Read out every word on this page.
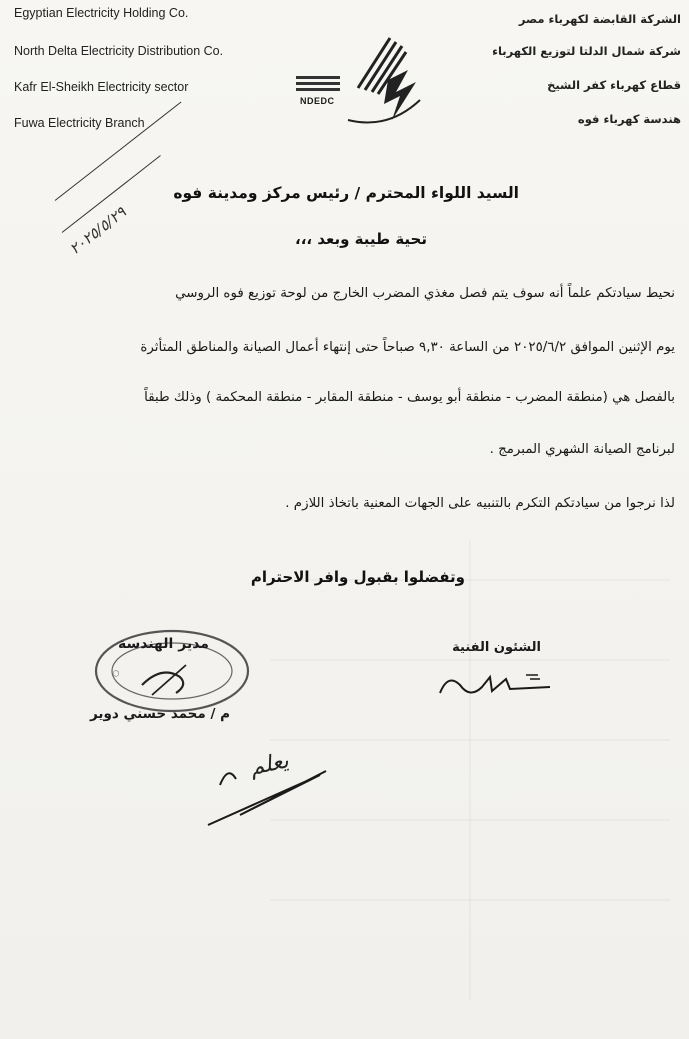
Egyptian Electricity Holding Co.
North Delta Electricity Distribution Co.
Kafr El-Sheikh Electricity sector
Fuwa Electricity Branch
الشركة القابضة لكهرباء مصر
شركة شمال الدلتا لتوزيع الكهرباء
قطاع كهرباء كفر الشيخ
هندسة كهرباء فوه
NDEDC
٢٠٢٥/٥/٢٩
السيد اللواء المحترم / رئيس مركز ومدينة فوه
تحية طيبة وبعد ،،،
نحيط سيادتكم علماً أنه سوف يتم فصل مغذي المضرب الخارج من لوحة توزيع فوه الروسي
يوم الإثنين الموافق ٢٠٢٥/٦/٢ من الساعة ٩,٣٠ صباحاً حتى إنتهاء أعمال الصيانة والمناطق المتأثرة
بالفصل هي (منطقة المضرب - منطقة أبو يوسف - منطقة المقابر - منطقة المحكمة ) وذلك طبقاً
لبرنامج الصيانة الشهري المبرمج .
لذا نرجوا من سيادتكم التكرم بالتنبيه على الجهات المعنية باتخاذ اللازم .
وتفضلوا بقبول وافر الاحترام
الشئون الفنية
○
مدير الهندسة
م / محمد حسني دوير
يعلم
